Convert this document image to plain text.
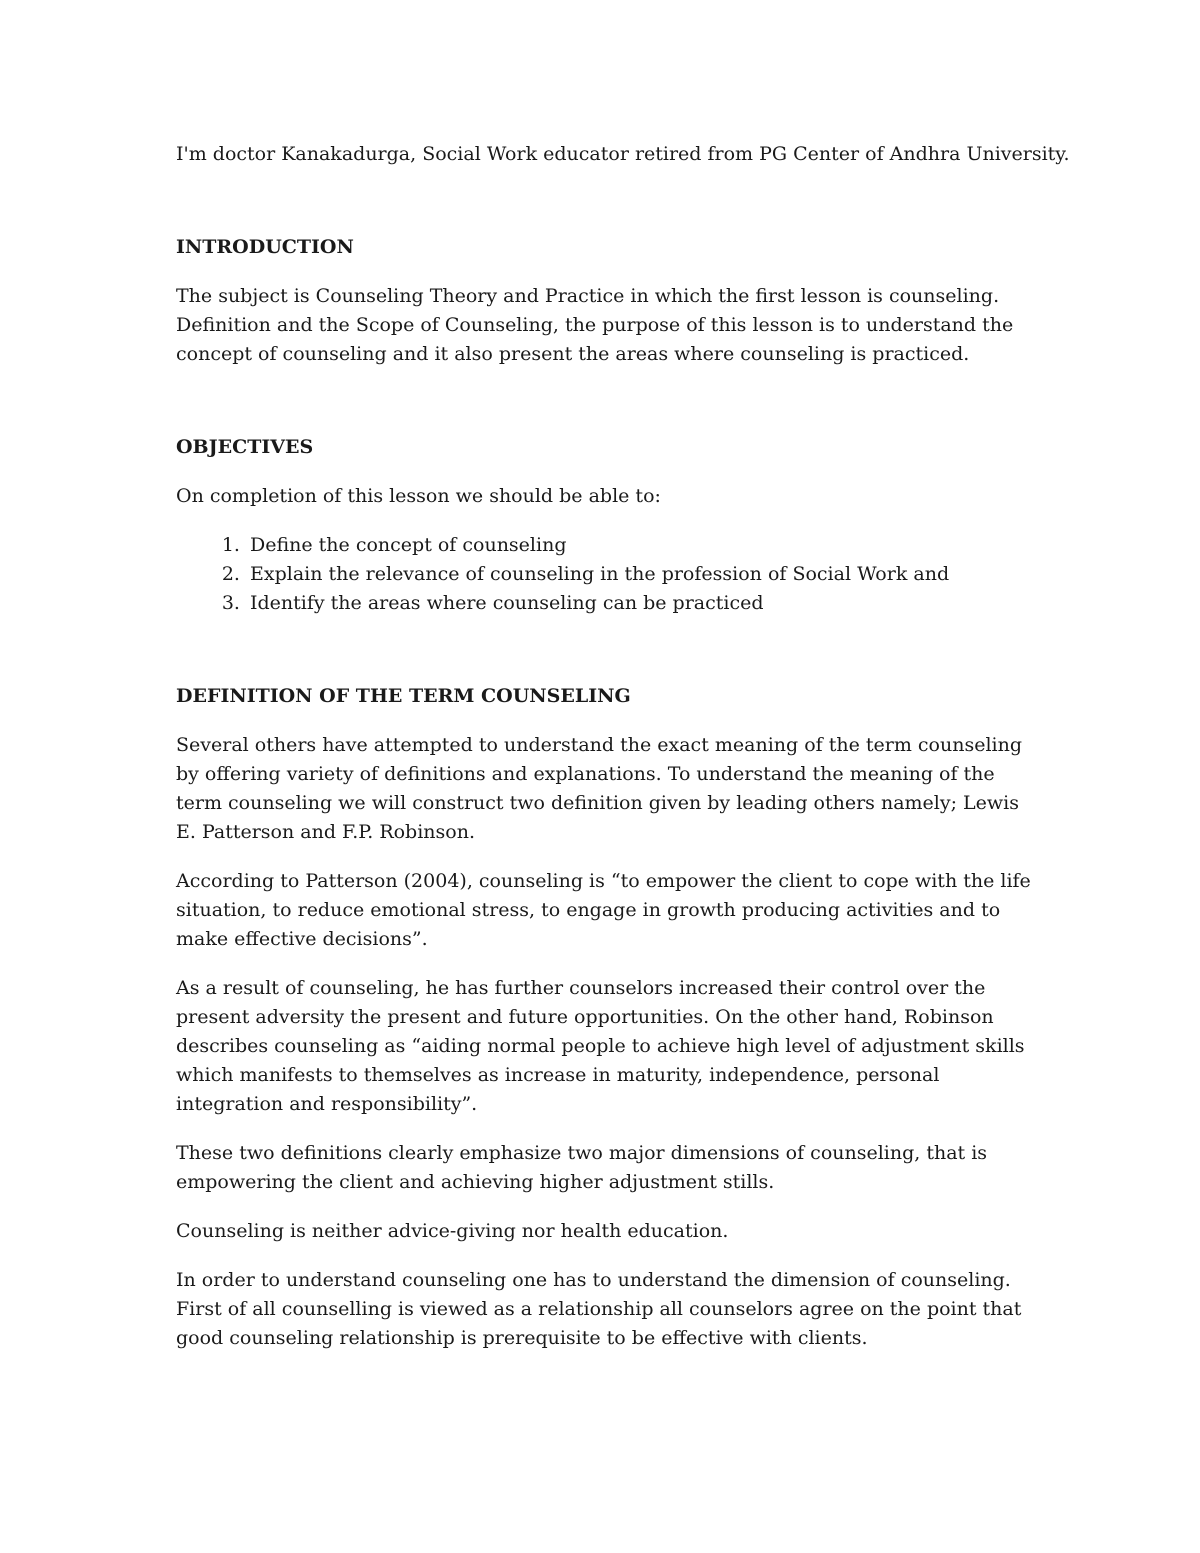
I'm doctor Kanakadurga, Social Work educator retired from PG Center of Andhra University.

INTRODUCTION

The subject is Counseling Theory and Practice in which the first lesson is counseling. Definition and the Scope of Counseling, the purpose of this lesson is to understand the concept of counseling and it also present the areas where counseling is practiced.

OBJECTIVES

On completion of this lesson we should be able to:

1. Define the concept of counseling
2. Explain the relevance of counseling in the profession of Social Work and
3. Identify the areas where counseling can be practiced

DEFINITION OF THE TERM COUNSELING

Several others have attempted to understand the exact meaning of the term counseling by offering variety of definitions and explanations. To understand the meaning of the term counseling we will construct two definition given by leading others namely; Lewis E. Patterson and F.P. Robinson.

According to Patterson (2004), counseling is “to empower the client to cope with the life situation, to reduce emotional stress, to engage in growth producing activities and to make effective decisions”.

As a result of counseling, he has further counselors increased their control over the present adversity the present and future opportunities. On the other hand, Robinson describes counseling as “aiding normal people to achieve high level of adjustment skills which manifests to themselves as increase in maturity, independence, personal integration and responsibility”.

These two definitions clearly emphasize two major dimensions of counseling, that is empowering the client and achieving higher adjustment stills.

Counseling is neither advice-giving nor health education.

In order to understand counseling one has to understand the dimension of counseling. First of all counselling is viewed as a relationship all counselors agree on the point that good counseling relationship is prerequisite to be effective with clients.
